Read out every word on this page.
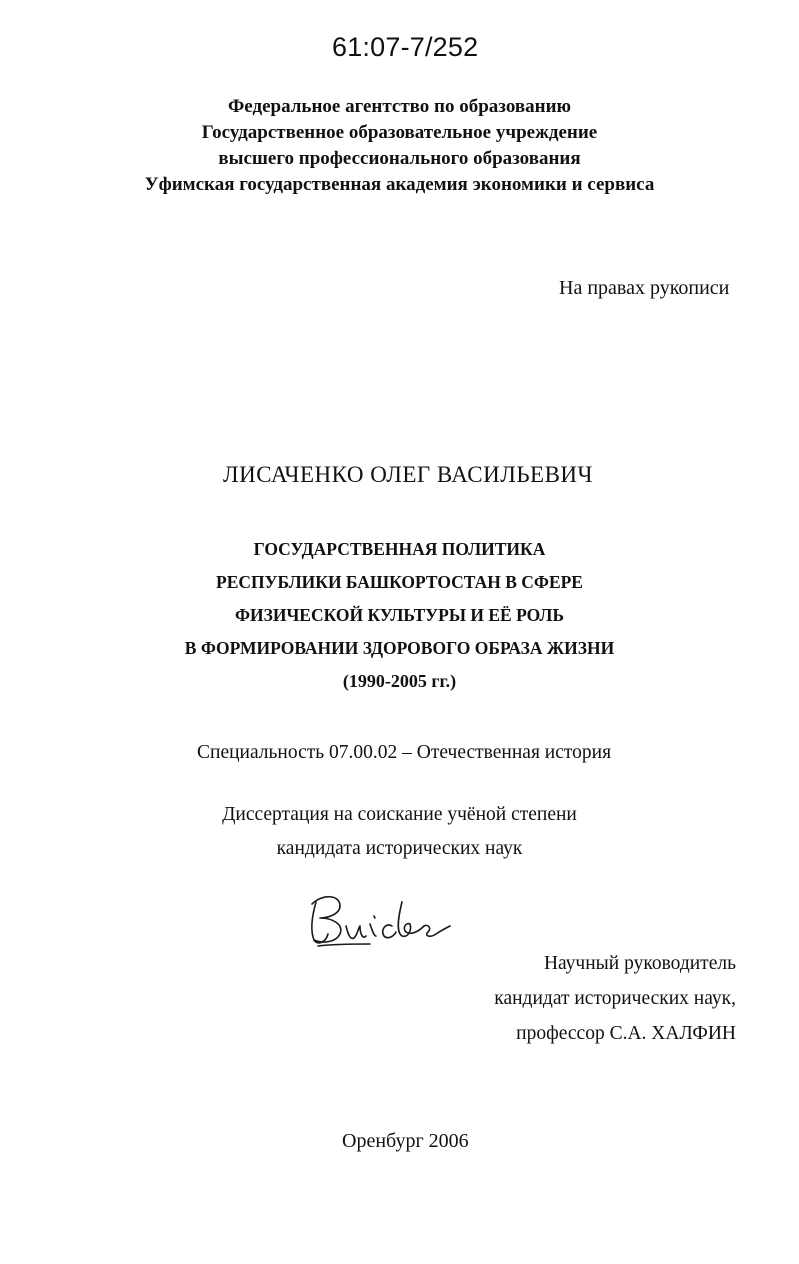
61:07-7/252
Федеральное агентство по образованию
Государственное образовательное учреждение
высшего профессионального образования
Уфимская государственная академия экономики и сервиса
На правах рукописи
ЛИСАЧЕНКО ОЛЕГ ВАСИЛЬЕВИЧ
ГОСУДАРСТВЕННАЯ ПОЛИТИКА
РЕСПУБЛИКИ БАШКОРТОСТАН В СФЕРЕ
ФИЗИЧЕСКОЙ КУЛЬТУРЫ И ЕЁ РОЛЬ
В ФОРМИРОВАНИИ ЗДОРОВОГО ОБРАЗА ЖИЗНИ
(1990-2005 гг.)
Специальность 07.00.02 – Отечественная история
Диссертация на соискание учёной степени
кандидата исторических наук
Научный руководитель
кандидат исторических наук,
профессор С.А. ХАЛФИН
Оренбург 2006
